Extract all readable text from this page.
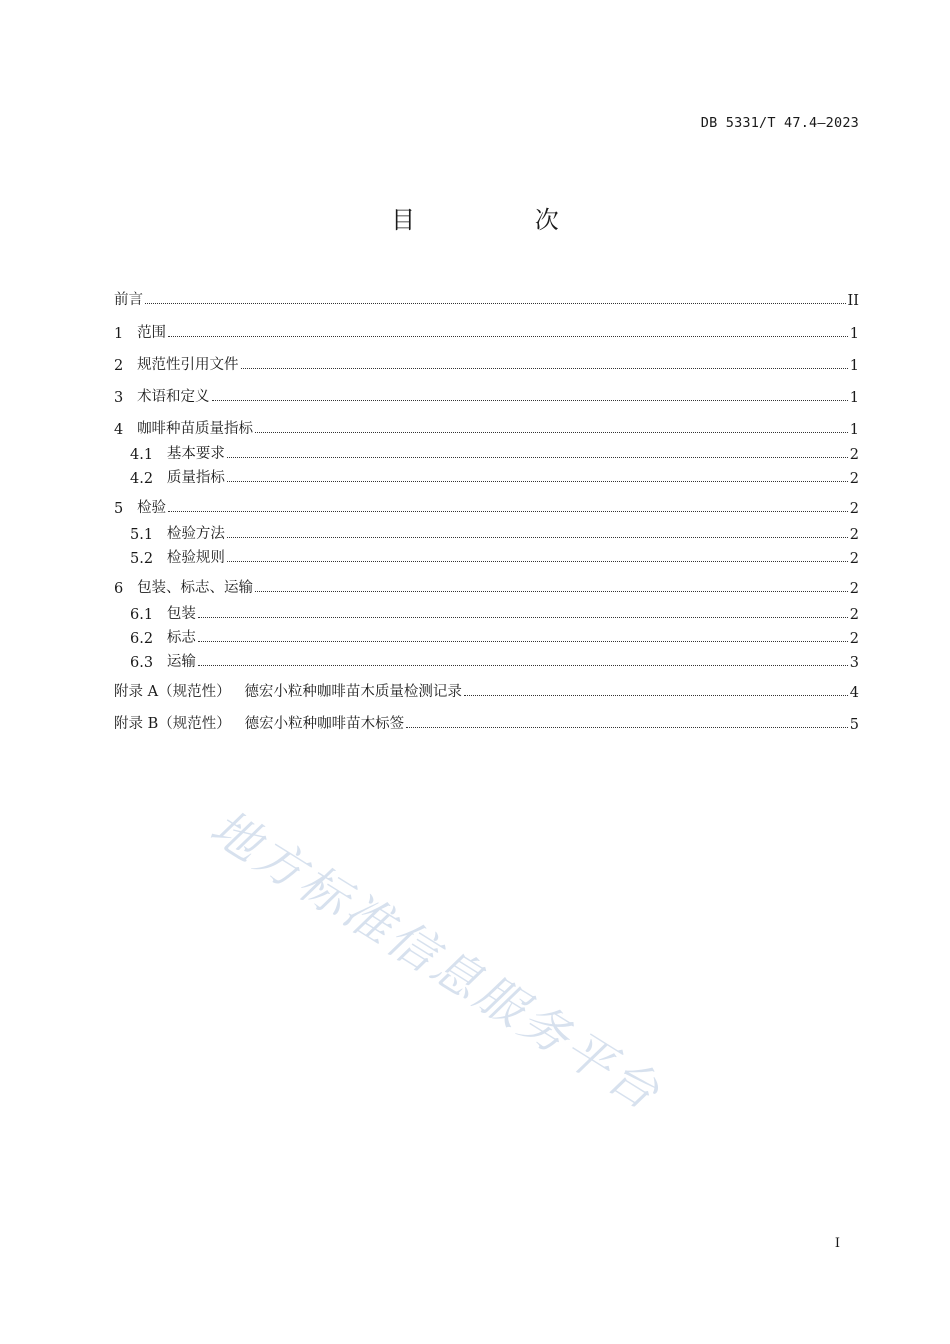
DB 5331/T 47.4—2023
目 次
前言	II
1 范围	1
2 规范性引用文件	1
3 术语和定义	1
4 咖啡种苗质量指标	1
4.1 基本要求	2
4.2 质量指标	2
5 检验	2
5.1 检验方法	2
5.2 检验规则	2
6 包装、标志、运输	2
6.1 包装	2
6.2 标志	2
6.3 运输	3
附录 A（规范性） 德宏小粒种咖啡苗木质量检测记录	4
附录 B（规范性） 德宏小粒种咖啡苗木标签	5
地方标准信息服务平台
I
